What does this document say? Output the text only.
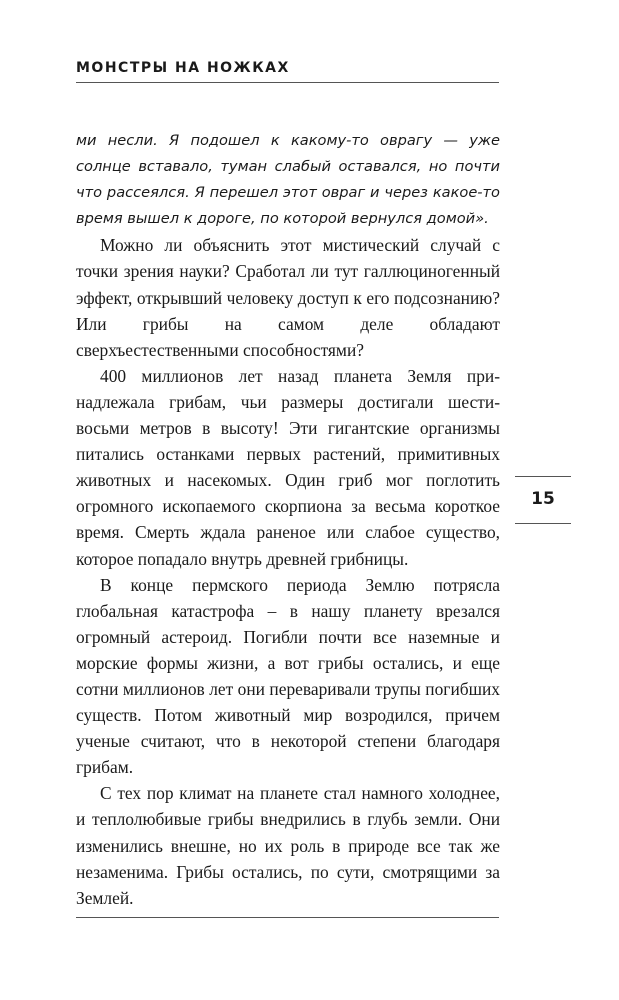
МОНСТРЫ НА НОЖКАХ

ми несли. Я подошел к какому-то оврагу — уже солнце вставало, туман слабый оставался, но почти что рассеялся. Я перешел этот овраг и через какое-то время вышел к дороге, по которой вернулся домой».

Можно ли объяснить этот мистический случай с точки зрения науки? Сработал ли тут галлюциногенный эффект, открывший человеку доступ к его подсознанию? Или грибы на самом деле обладают сверхъестественными способностями?

400 миллионов лет назад планета Земля принадлежала грибам, чьи размеры достигали шести-восьми метров в высоту! Эти гигантские организмы питались останками первых растений, примитивных животных и насекомых. Один гриб мог поглотить огромного ископаемого скорпиона за весьма короткое время. Смерть ждала раненое или слабое существо, которое попадало внутрь древней грибницы.

В конце пермского периода Землю потрясла глобальная катастрофа – в нашу планету врезался огромный астероид. Погибли почти все наземные и морские формы жизни, а вот грибы остались, и еще сотни миллионов лет они переваривали трупы погибших существ. Потом животный мир возродился, причем ученые считают, что в некоторой степени благодаря грибам.

С тех пор климат на планете стал намного холоднее, и теплолюбивые грибы внедрились в глубь земли. Они изменились внешне, но их роль в природе все так же незаменима. Грибы остались, по сути, смотрящими за Землей.

15
